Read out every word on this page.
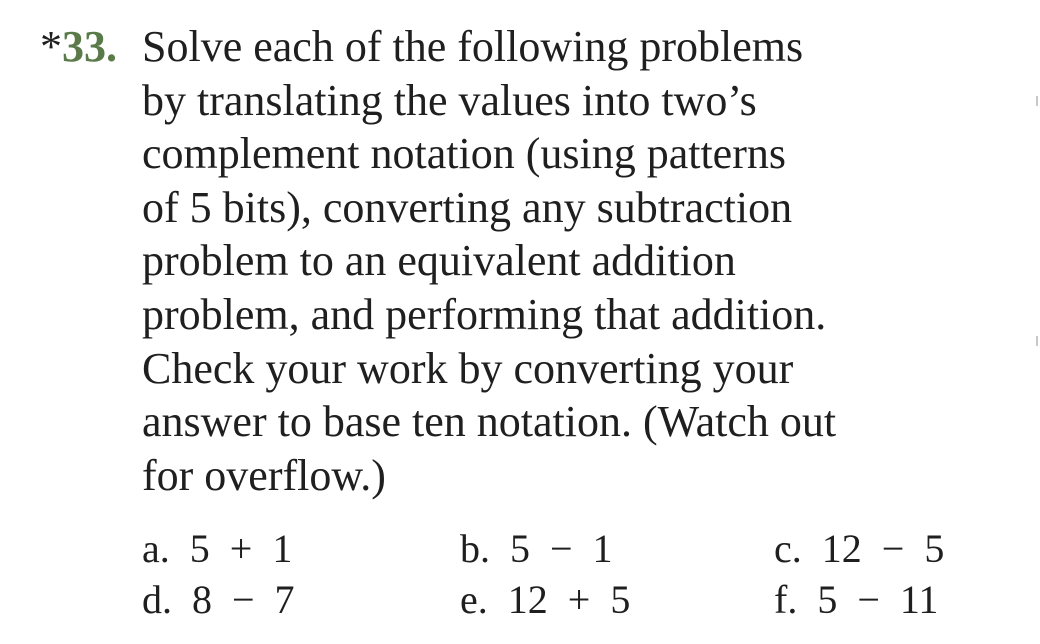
*33. Solve each of the following problems
by translating the values into two’s
complement notation (using patterns
of 5 bits), converting any subtraction
problem to an equivalent addition
problem, and performing that addition.
Check your work by converting your
answer to base ten notation. (Watch out
for overflow.)
a.  5  +  1	b.  5  −  1	c.  12  −  5
d.  8  −  7	e.  12  +  5	f.  5  −  11
